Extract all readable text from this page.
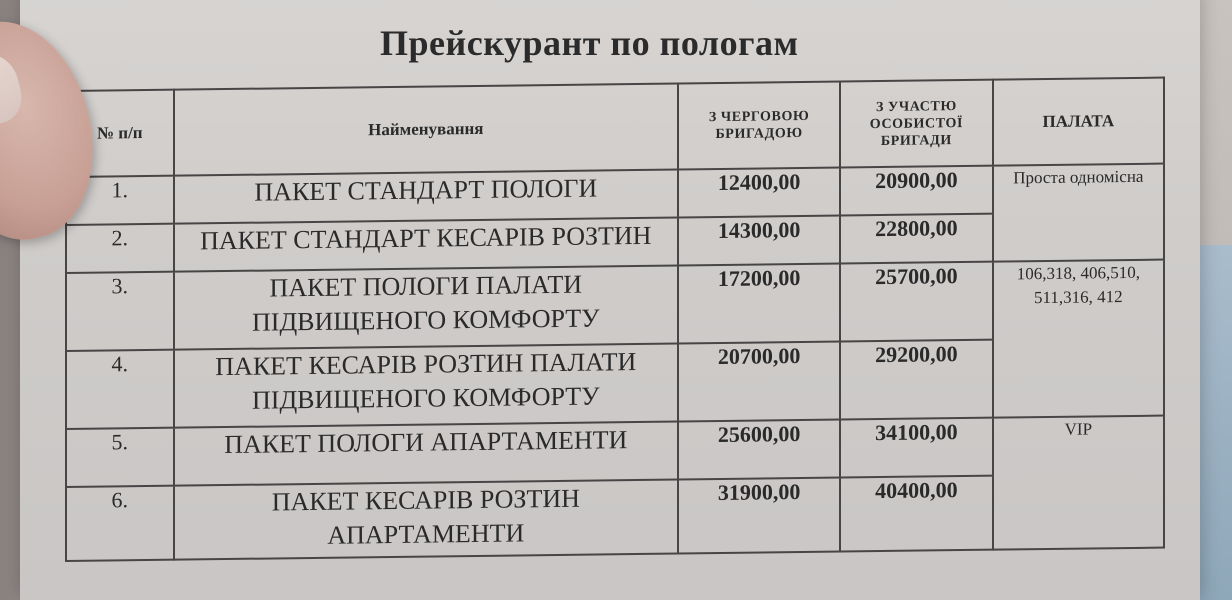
Прейскурант по пологам
№ п/п	Найменування	З ЧЕРГОВОЮ БРИГАДОЮ	З УЧАСТЮ ОСОБИСТОЇ БРИГАДИ	ПАЛАТА
1.	ПАКЕТ СТАНДАРТ ПОЛОГИ	12400,00	20900,00	Проста одномісна
2.	ПАКЕТ СТАНДАРТ КЕСАРІВ РОЗТИН	14300,00	22800,00	
3.	ПАКЕТ ПОЛОГИ ПАЛАТИ ПІДВИЩЕНОГО КОМФОРТУ	17200,00	25700,00	106,318, 406,510, 511,316, 412
4.	ПАКЕТ КЕСАРІВ РОЗТИН ПАЛАТИ ПІДВИЩЕНОГО КОМФОРТУ	20700,00	29200,00	
5.	ПАКЕТ ПОЛОГИ АПАРТАМЕНТИ	25600,00	34100,00	VIP
6.	ПАКЕТ КЕСАРІВ РОЗТИН АПАРТАМЕНТИ	31900,00	40400,00	
